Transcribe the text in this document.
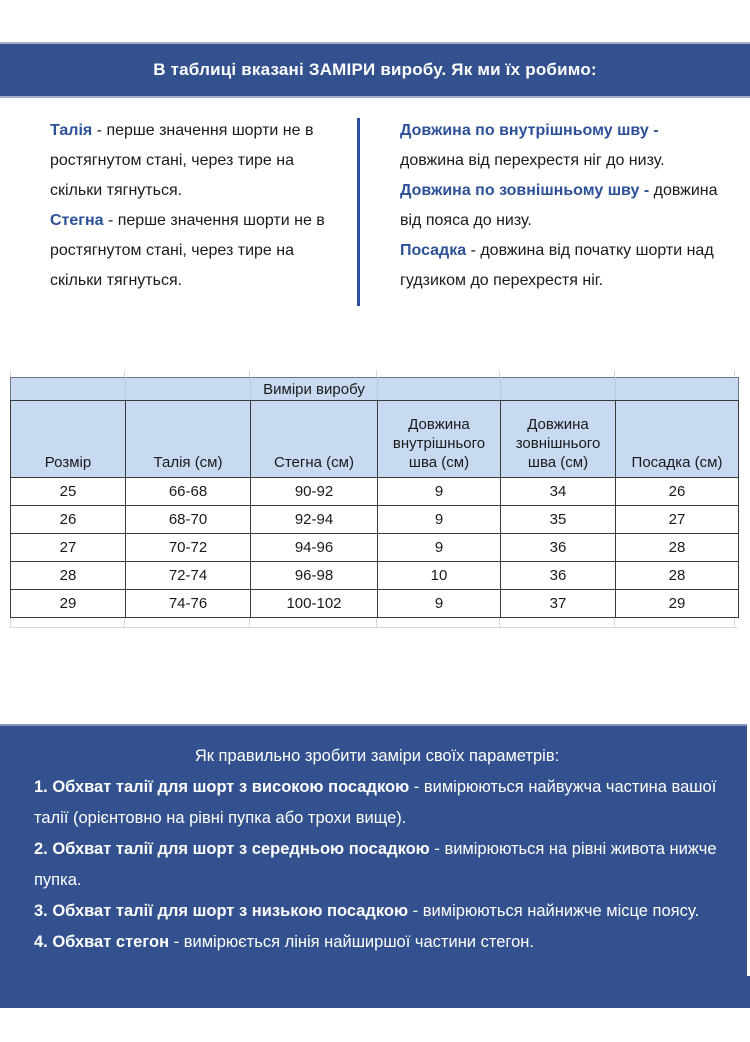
В таблиці вказані ЗАМІРИ виробу. Як ми їх робимо:

Талія - перше значення шорти не в ростягнутом стані, через тире на скільки тягнуться.

Стегна - перше значення шорти не в ростягнутом стані, через тире на скільки тягнуться.

Довжина по внутрішньому шву - довжина від перехрестя ніг до низу.

Довжина по зовнішньому шву - довжина від пояса до низу.

Посадка - довжина від початку шорти над гудзиком до перехрестя ніг.

		Виміри виробу			
Розмір	Талія (см)	Стегна (см)	Довжина внутрішнього шва (см)	Довжина зовнішнього шва (см)	Посадка (см)
25	66-68	90-92	9	34	26
26	68-70	92-94	9	35	27
27	70-72	94-96	9	36	28
28	72-74	96-98	10	36	28
29	74-76	100-102	9	37	29

Як правильно зробити заміри своїх параметрів:

1. Обхват талії для шорт з високою посадкою - вимірюються найвужча частина вашої талії (орієнтовно на рівні пупка або трохи вище).

2. Обхват талії для шорт з середньою посадкою - вимірюються на рівні живота нижче пупка.

3. Обхват талії для шорт з низькою посадкою - вимірюються найнижче місце поясу.

4. Обхват стегон - вимірюється лінія найширшої частини стегон.
